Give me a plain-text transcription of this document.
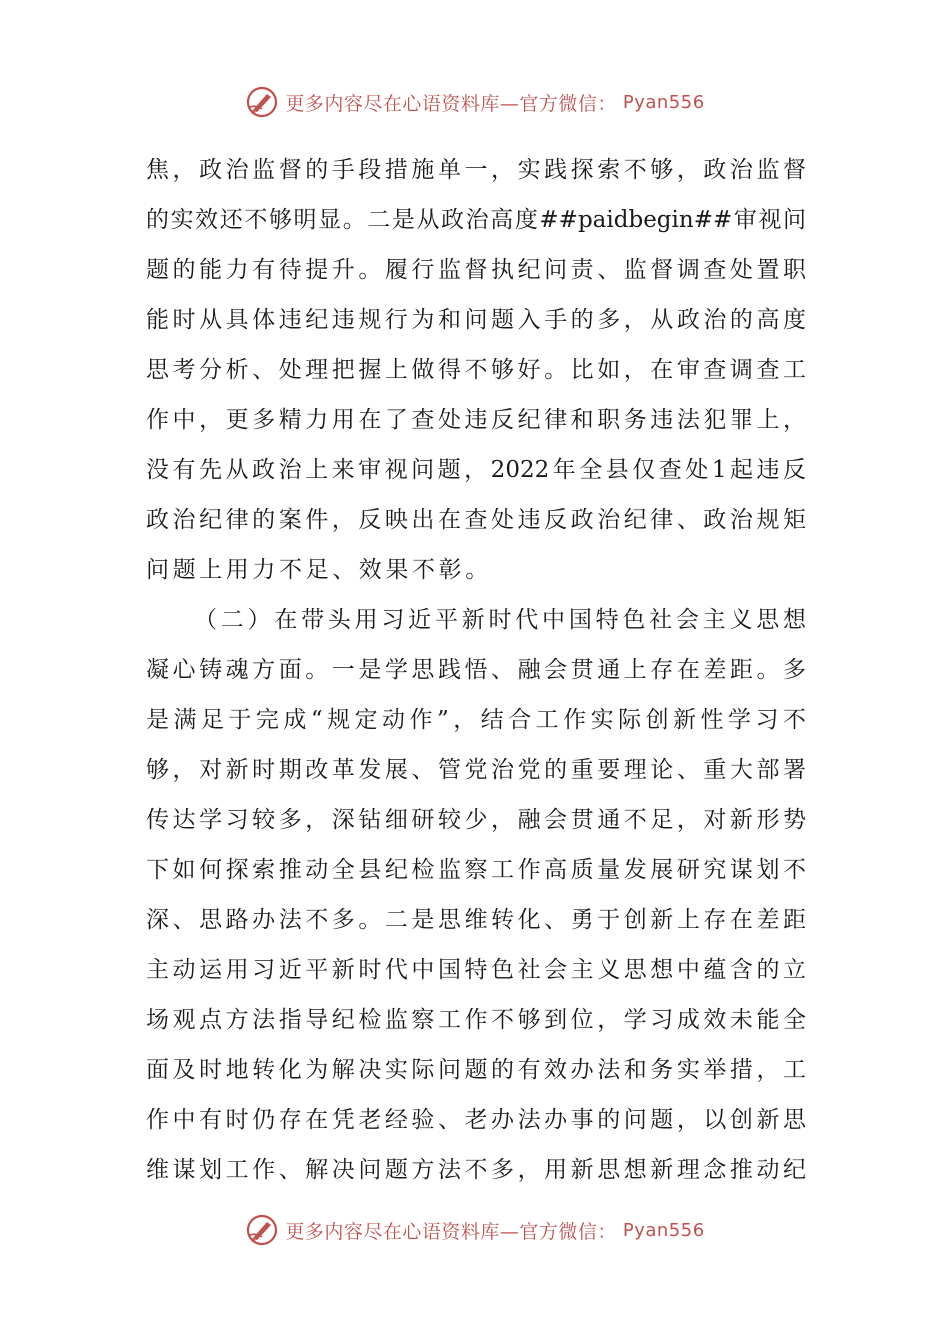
更多内容尽在心语资料库—官方微信： Pyan556
焦，政治监督的手段措施单一，实践探索不够，政治监督
的实效还不够明显。二是从政治高度##paidbegin##审视问
题的能力有待提升。履行监督执纪问责、监督调查处置职
能时从具体违纪违规行为和问题入手的多，从政治的高度
思考分析、处理把握上做得不够好。比如，在审查调查工
作中，更多精力用在了查处违反纪律和职务违法犯罪上，
没有先从政治上来审视问题，2022年全县仅查处1起违反
政治纪律的案件，反映出在查处违反政治纪律、政治规矩
问题上用力不足、效果不彰。
（二）在带头用习近平新时代中国特色社会主义思想
凝心铸魂方面。一是学思践悟、融会贯通上存在差距。多
是满足于完成“规定动作”，结合工作实际创新性学习不
够，对新时期改革发展、管党治党的重要理论、重大部署
传达学习较多，深钻细研较少，融会贯通不足，对新形势
下如何探索推动全县纪检监察工作高质量发展研究谋划不
深、思路办法不多。二是思维转化、勇于创新上存在差距
主动运用习近平新时代中国特色社会主义思想中蕴含的立
场观点方法指导纪检监察工作不够到位，学习成效未能全
面及时地转化为解决实际问题的有效办法和务实举措，工
作中有时仍存在凭老经验、老办法办事的问题，以创新思
维谋划工作、解决问题方法不多，用新思想新理念推动纪
更多内容尽在心语资料库—官方微信： Pyan556
